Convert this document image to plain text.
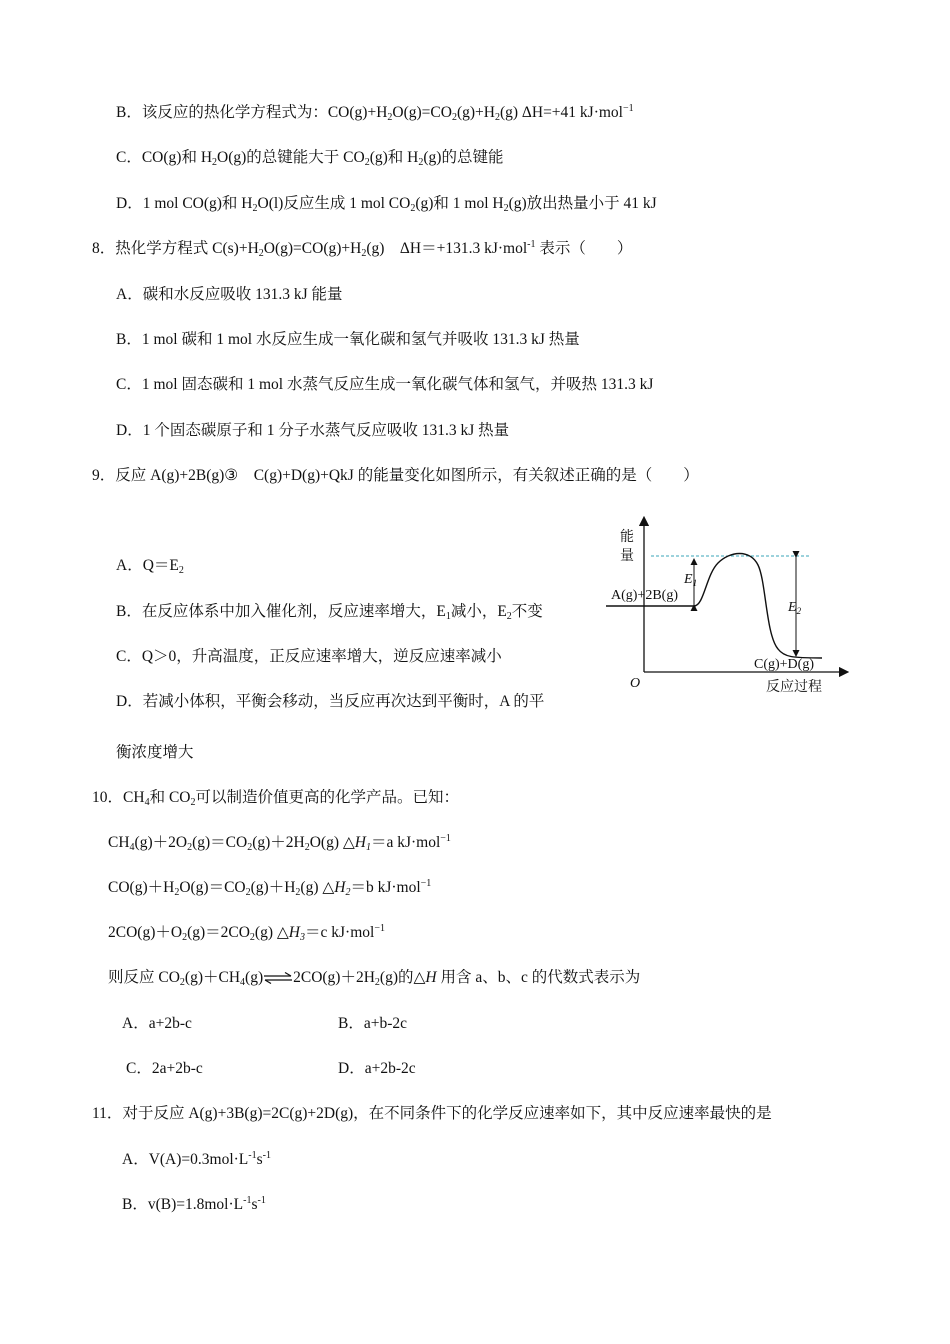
B．该反应的热化学方程式为：$CO(g)+H_2O(g)=CO_2(g)+H_2(g)$ ΔH=+41 kJ·mol$^{-1}$
C．CO(g)和 $H_2O(g)$的总键能大于 $CO_2(g)$和 $H_2(g)$的总键能
D．1 mol CO(g)和 $H_2O(l)$反应生成 1 mol $CO_2(g)$和 1 mol $H_2(g)$放出热量小于 41 kJ
8．热化学方程式 $C(s)+H_2O(g)=CO(g)+H_2(g)$　ΔH＝+131.3 kJ·mol$^{-1}$ 表示（　　）
A．碳和水反应吸收 131.3 kJ 能量
B．1 mol 碳和 1 mol 水反应生成一氧化碳和氢气并吸收 131.3 kJ 热量
C．1 mol 固态碳和 1 mol 水蒸气反应生成一氧化碳气体和氢气，并吸热 131.3 kJ
D．1 个固态碳原子和 1 分子水蒸气反应吸收 131.3 kJ 热量
9．反应 A(g)+2B(g)③　C(g)+D(g)+QkJ 的能量变化如图所示，有关叙述正确的是（　　）
A．$Q=E_2$
B．在反应体系中加入催化剂，反应速率增大，$E_1$减小，$E_2$不变
C．Q＞0，升高温度，正反应速率增大，逆反应速率减小
D．若减小体积，平衡会移动，当反应再次达到平衡时，A 的平
衡浓度增大
能
量
A(g)+2B(g)
C(g)+D(g)
O	反应过程
$E_1$
$E_2$
10．$CH_4$和 $CO_2$可以制造价值更高的化学产品。已知：
$CH_4(g)+2O_2(g)=CO_2(g)+2H_2O(g)$ $\triangle H_1=a$ kJ·mol$^{-1}$
$CO(g)+H_2O(g)=CO_2(g)+H_2(g)$ $\triangle H_2=b$ kJ·mol$^{-1}$
$2CO(g)+O_2(g)=2CO_2(g)$ $\triangle H_3=c$ kJ·mol$^{-1}$
则反应 $CO_2(g)+CH_4(g)\rightleftharpoons 2CO(g)+2H_2(g)$的△H 用含 a、b、c 的代数式表示为
A．a+2b-c	B．a+b-2c
C．2a+2b-c	D．a+2b-2c
11．对于反应 A(g)+3B(g)=2C(g)+2D(g)，在不同条件下的化学反应速率如下，其中反应速率最快的是
A．$V(A)=0.3mol\cdot L^{-1}s^{-1}$
B．$v(B)=1.8mol\cdot L^{-1}s^{-1}$
